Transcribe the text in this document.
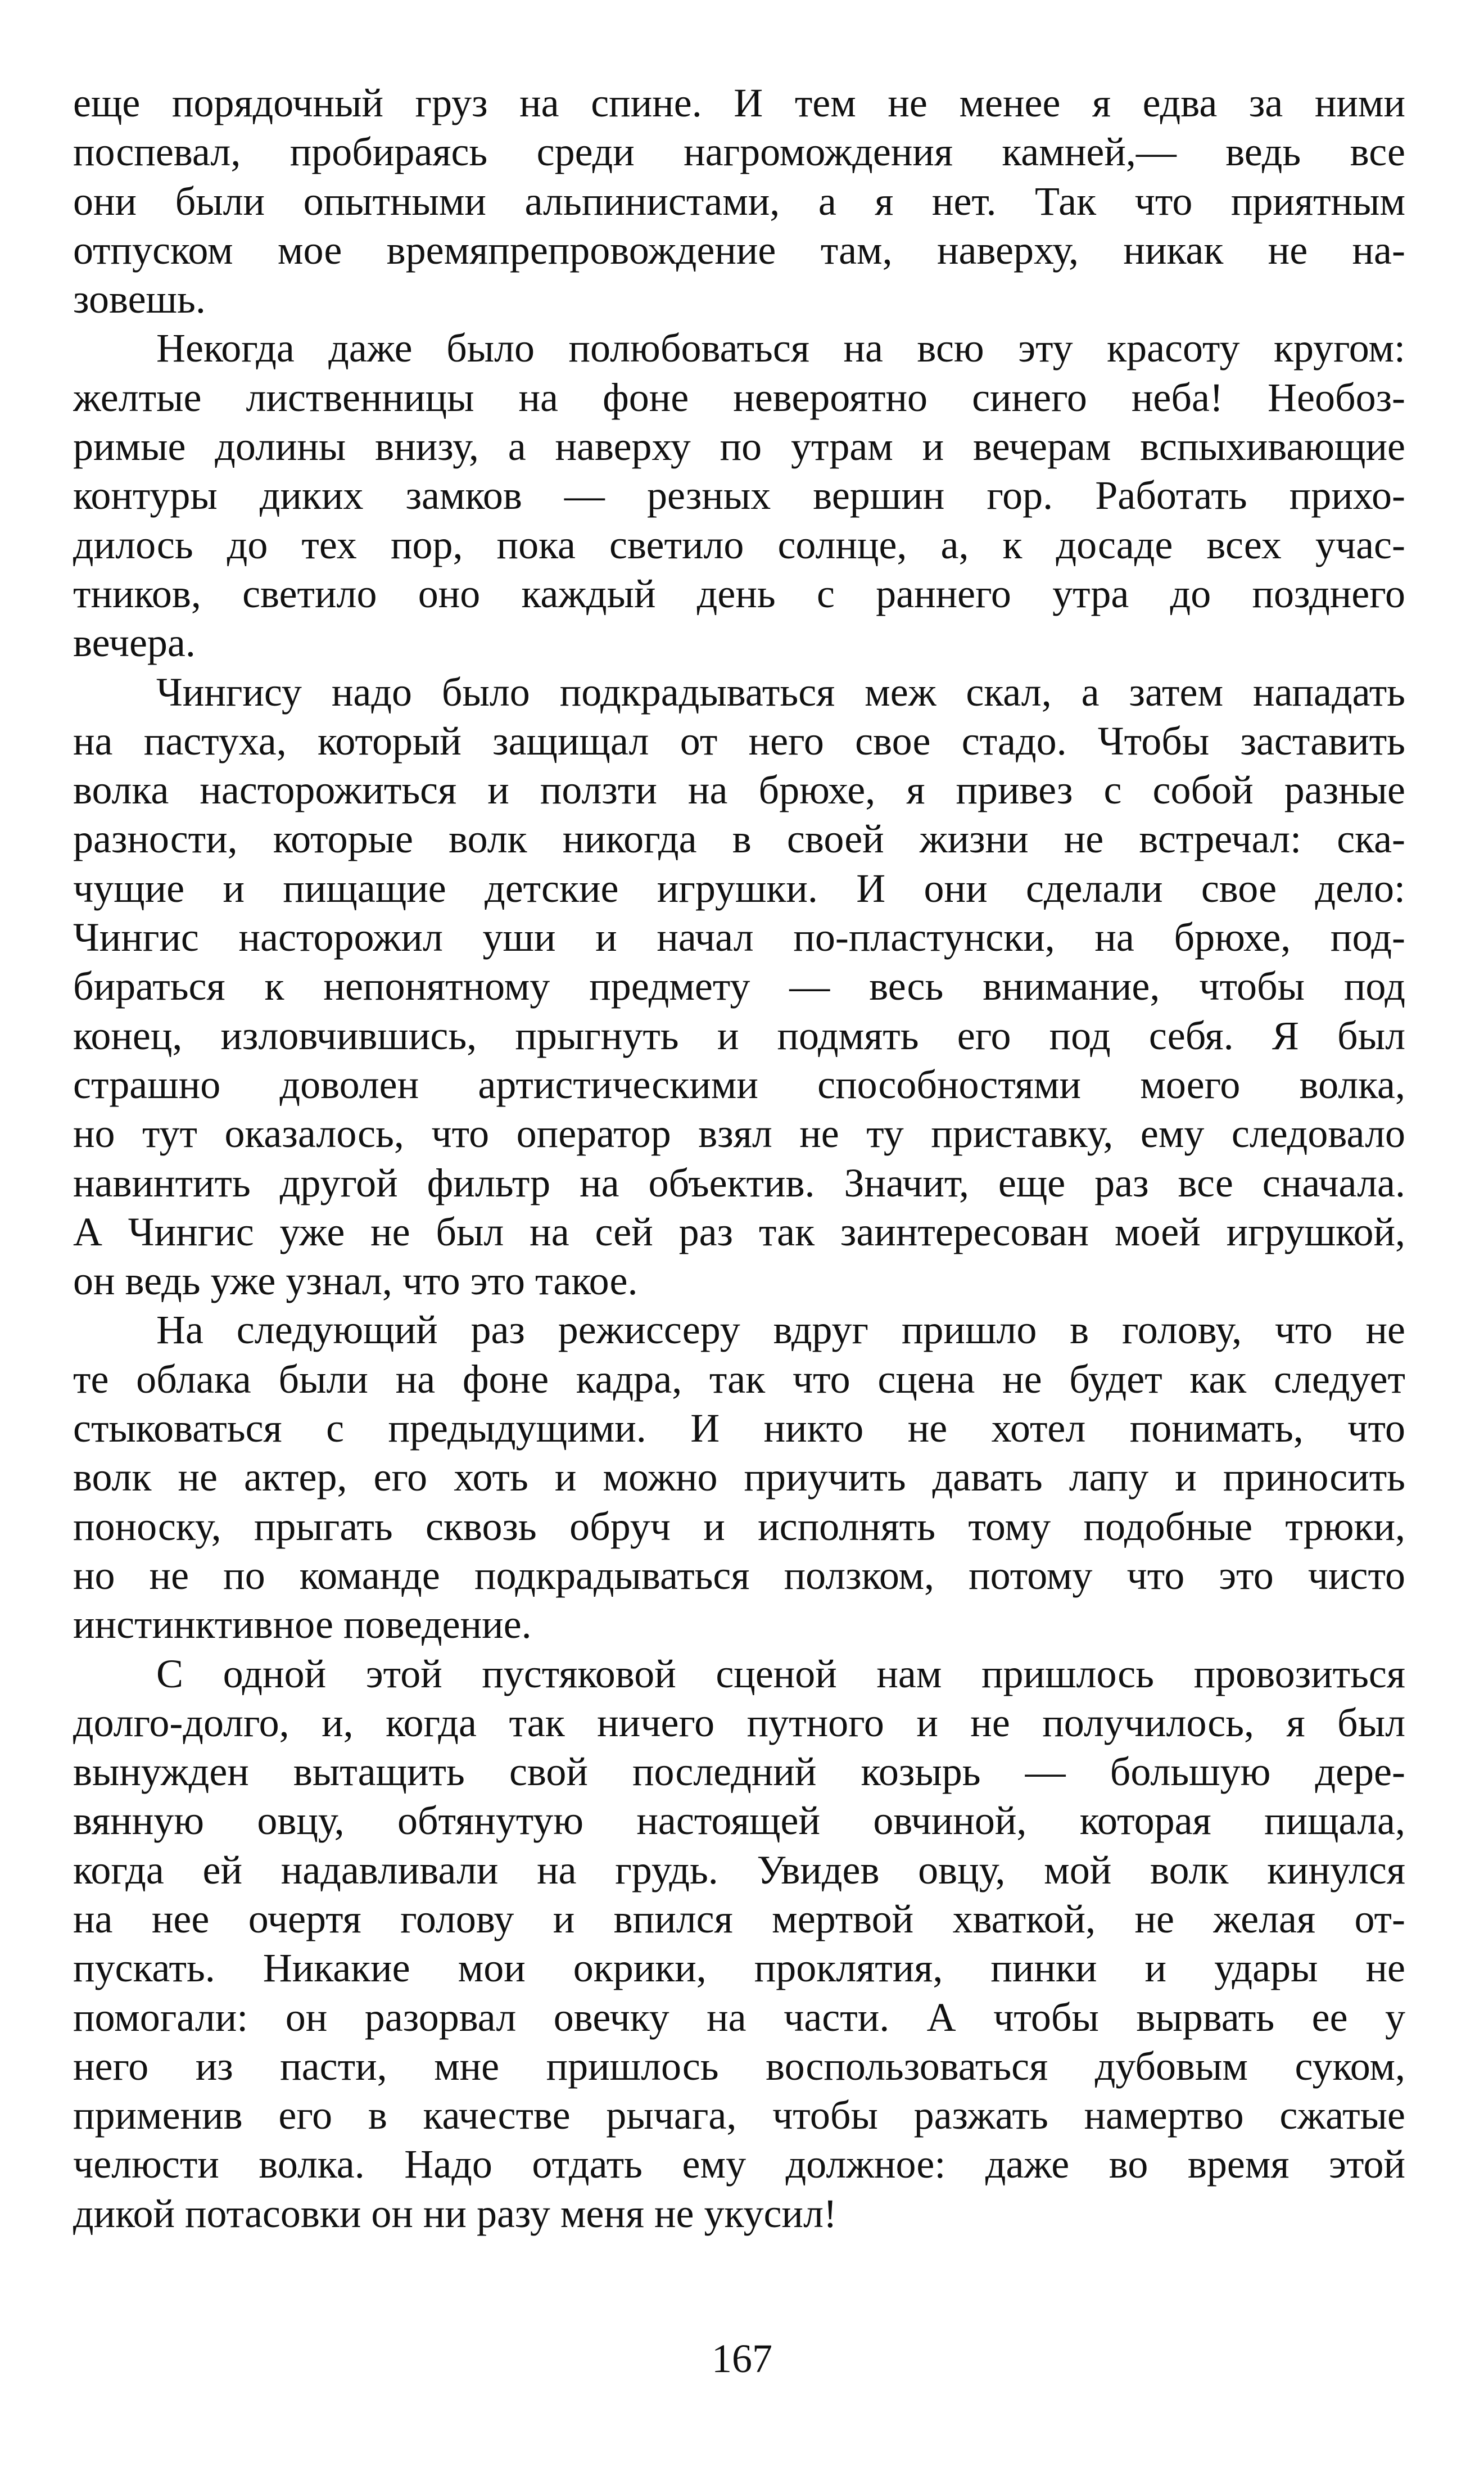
еще порядочный груз на спине. И тем не менее я едва за ними
поспевал, пробираясь среди нагромождения камней,— ведь все
они были опытными альпинистами, а я нет. Так что приятным
отпуском мое времяпрепровождение там, наверху, никак не на-
зовешь.
Некогда даже было полюбоваться на всю эту красоту кругом:
желтые лиственницы на фоне невероятно синего неба! Необоз-
римые долины внизу, а наверху по утрам и вечерам вспыхивающие
контуры диких замков — резных вершин гор. Работать прихо-
дилось до тех пор, пока светило солнце, а, к досаде всех учас-
тников, светило оно каждый день с раннего утра до позднего
вечера.
Чингису надо было подкрадываться меж скал, а затем нападать
на пастуха, который защищал от него свое стадо. Чтобы заставить
волка насторожиться и ползти на брюхе, я привез с собой разные
разности, которые волк никогда в своей жизни не встречал: ска-
чущие и пищащие детские игрушки. И они сделали свое дело:
Чингис насторожил уши и начал по-пластунски, на брюхе, под-
бираться к непонятному предмету — весь внимание, чтобы под
конец, изловчившись, прыгнуть и подмять его под себя. Я был
страшно доволен артистическими способностями моего волка,
но тут оказалось, что оператор взял не ту приставку, ему следовало
навинтить другой фильтр на объектив. Значит, еще раз все сначала.
А Чингис уже не был на сей раз так заинтересован моей игрушкой,
он ведь уже узнал, что это такое.
На следующий раз режиссеру вдруг пришло в голову, что не
те облака были на фоне кадра, так что сцена не будет как следует
стыковаться с предыдущими. И никто не хотел понимать, что
волк не актер, его хоть и можно приучить давать лапу и приносить
поноску, прыгать сквозь обруч и исполнять тому подобные трюки,
но не по команде подкрадываться ползком, потому что это чисто
инстинктивное поведение.
С одной этой пустяковой сценой нам пришлось провозиться
долго-долго, и, когда так ничего путного и не получилось, я был
вынужден вытащить свой последний козырь — большую дере-
вянную овцу, обтянутую настоящей овчиной, которая пищала,
когда ей надавливали на грудь. Увидев овцу, мой волк кинулся
на нее очертя голову и впился мертвой хваткой, не желая от-
пускать. Никакие мои окрики, проклятия, пинки и удары не
помогали: он разорвал овечку на части. А чтобы вырвать ее у
него из пасти, мне пришлось воспользоваться дубовым суком,
применив его в качестве рычага, чтобы разжать намертво сжатые
челюсти волка. Надо отдать ему должное: даже во время этой
дикой потасовки он ни разу меня не укусил!
167
